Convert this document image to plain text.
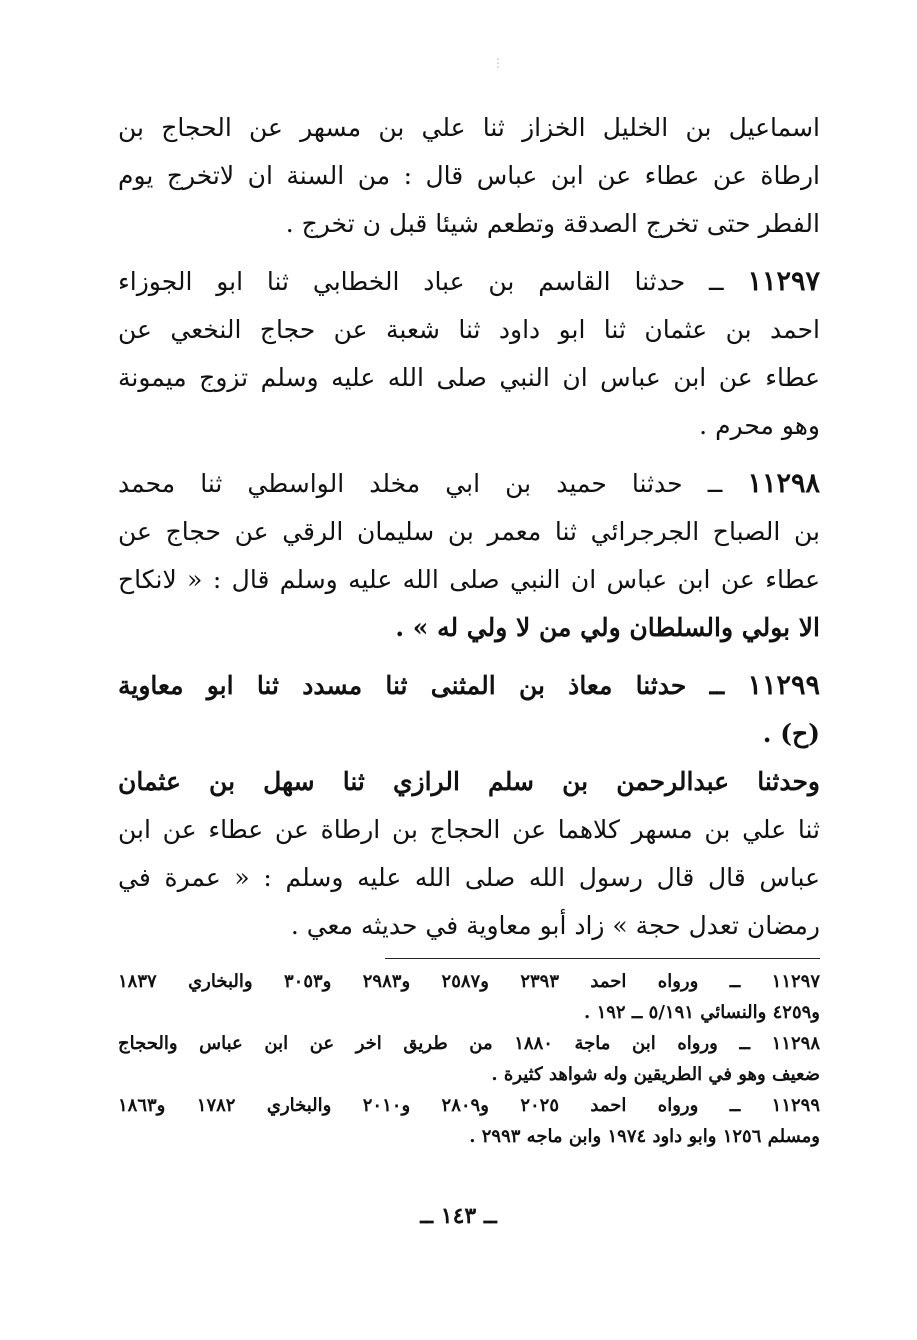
⋮
اسماعيل بن الخليل الخزاز ثنا علي بن مسهر عن الحجاج بن
ارطاة عن عطاء عن ابن عباس قال : من السنة ان لاتخرج يوم
الفطر حتى تخرج الصدقة وتطعم شيئا قبل ن تخرج .
١١٢٩٧ ــ حدثنا القاسم بن عباد الخطابي ثنا ابو الجوزاء
احمد بن عثمان ثنا ابو داود ثنا شعبة عن حجاج النخعي عن
عطاء عن ابن عباس ان النبي صلى الله عليه وسلم تزوج ميمونة
وهو محرم .
١١٢٩٨ ــ حدثنا حميد بن ابي مخلد الواسطي ثنا محمد
بن الصباح الجرجرائي ثنا معمر بن سليمان الرقي عن حجاج عن
عطاء عن ابن عباس ان النبي صلى الله عليه وسلم قال : « لانكاح
الا بولي والسلطان ولي من لا ولي له » .
١١٢٩٩ ــ حدثنا معاذ بن المثنى ثنا مسدد ثنا ابو معاوية
(ح) .
وحدثنا عبدالرحمن بن سلم الرازي ثنا سهل بن عثمان
ثنا علي بن مسهر كلاهما عن الحجاج بن ارطاة عن عطاء عن ابن
عباس قال قال رسول الله صلى الله عليه وسلم : « عمرة في
رمضان تعدل حجة » زاد أبو معاوية في حديثه معي .
١١٢٩٧ ــ ورواه احمد ٢٣٩٣ و٢٥٨٧ و٢٩٨٣ و٣٠٥٣ والبخاري ١٨٣٧
و٤٢٥٩ والنسائي ٥/١٩١ ــ ١٩٢ .
١١٢٩٨ ــ ورواه ابن ماجة ١٨٨٠ من طريق اخر عن ابن عباس والحجاج
ضعيف وهو في الطريقين وله شواهد كثيرة .
١١٢٩٩ ــ ورواه احمد ٢٠٢٥ و٢٨٠٩ و٢٠١٠ والبخاري ١٧٨٢ و١٨٦٣
ومسلم ١٢٥٦ وابو داود ١٩٧٤ وابن ماجه ٢٩٩٣ .
ــ ١٤٣ ــ
